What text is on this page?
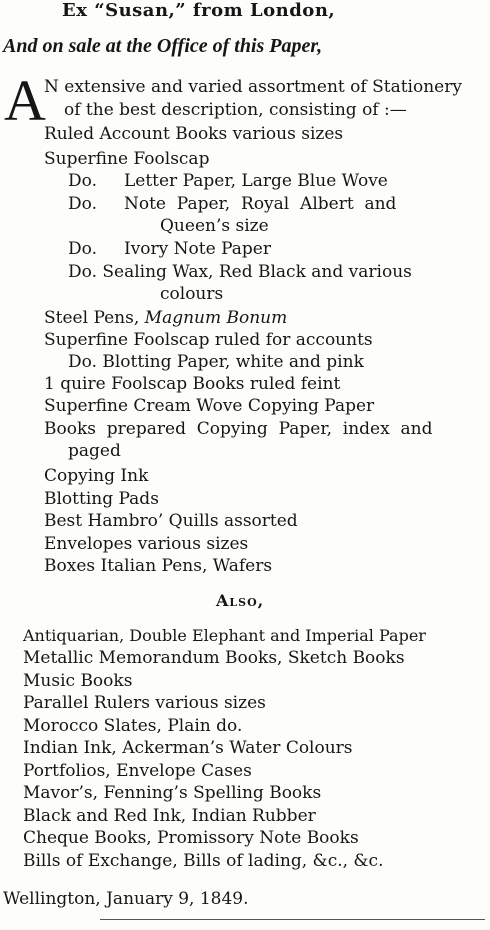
Ex “Susan,” from London,
And on sale at the Office of this Paper,
A
N extensive and varied assortment of Stationery
of the best description, consisting of :—
Ruled Account Books various sizes
Superfine Foolscap
Do.     Letter Paper, Large Blue Wove
Do.     Note  Paper,  Royal  Albert  and
Queen’s size
Do.     Ivory Note Paper
Do. Sealing Wax, Red Black and various
colours
Steel Pens, Magnum Bonum
Superfine Foolscap ruled for accounts
Do. Blotting Paper, white and pink
1 quire Foolscap Books ruled feint
Superfine Cream Wove Copying Paper
Books  prepared  Copying  Paper,  index  and
paged
Copying Ink
Blotting Pads
Best Hambro’ Quills assorted
Envelopes various sizes
Boxes Italian Pens, Wafers
Also,
Antiquarian, Double Elephant and Imperial Paper
Metallic Memorandum Books, Sketch Books
Music Books
Parallel Rulers various sizes
Morocco Slates, Plain do.
Indian Ink, Ackerman’s Water Colours
Portfolios, Envelope Cases
Mavor’s, Fenning’s Spelling Books
Black and Red Ink, Indian Rubber
Cheque Books, Promissory Note Books
Bills of Exchange, Bills of lading, &c., &c.
Wellington, January 9, 1849.
